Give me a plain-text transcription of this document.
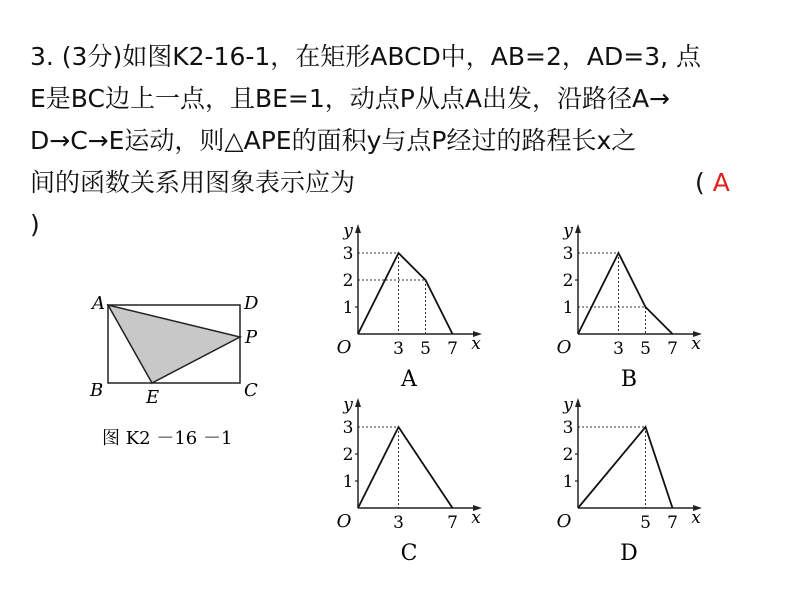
3. (3分)如图K2-16-1，在矩形ABCD中，AB=2，AD=3, 点
E是BC边上一点，且BE=1，动点P从点A出发，沿路径A→
D→C→E运动，则△APE的面积y与点P经过的路程长x之
间的函数关系用图象表示应为	( A
)
A	D
P
B E	C
图 K2 －16 －1
O
y
x
3 5 7
1
2
3
A
O
y
x
3 5 7
1
2
3
B
O
y
x
3	7
1
2
3
C
O
y
x
5 7
1
2
3
D
